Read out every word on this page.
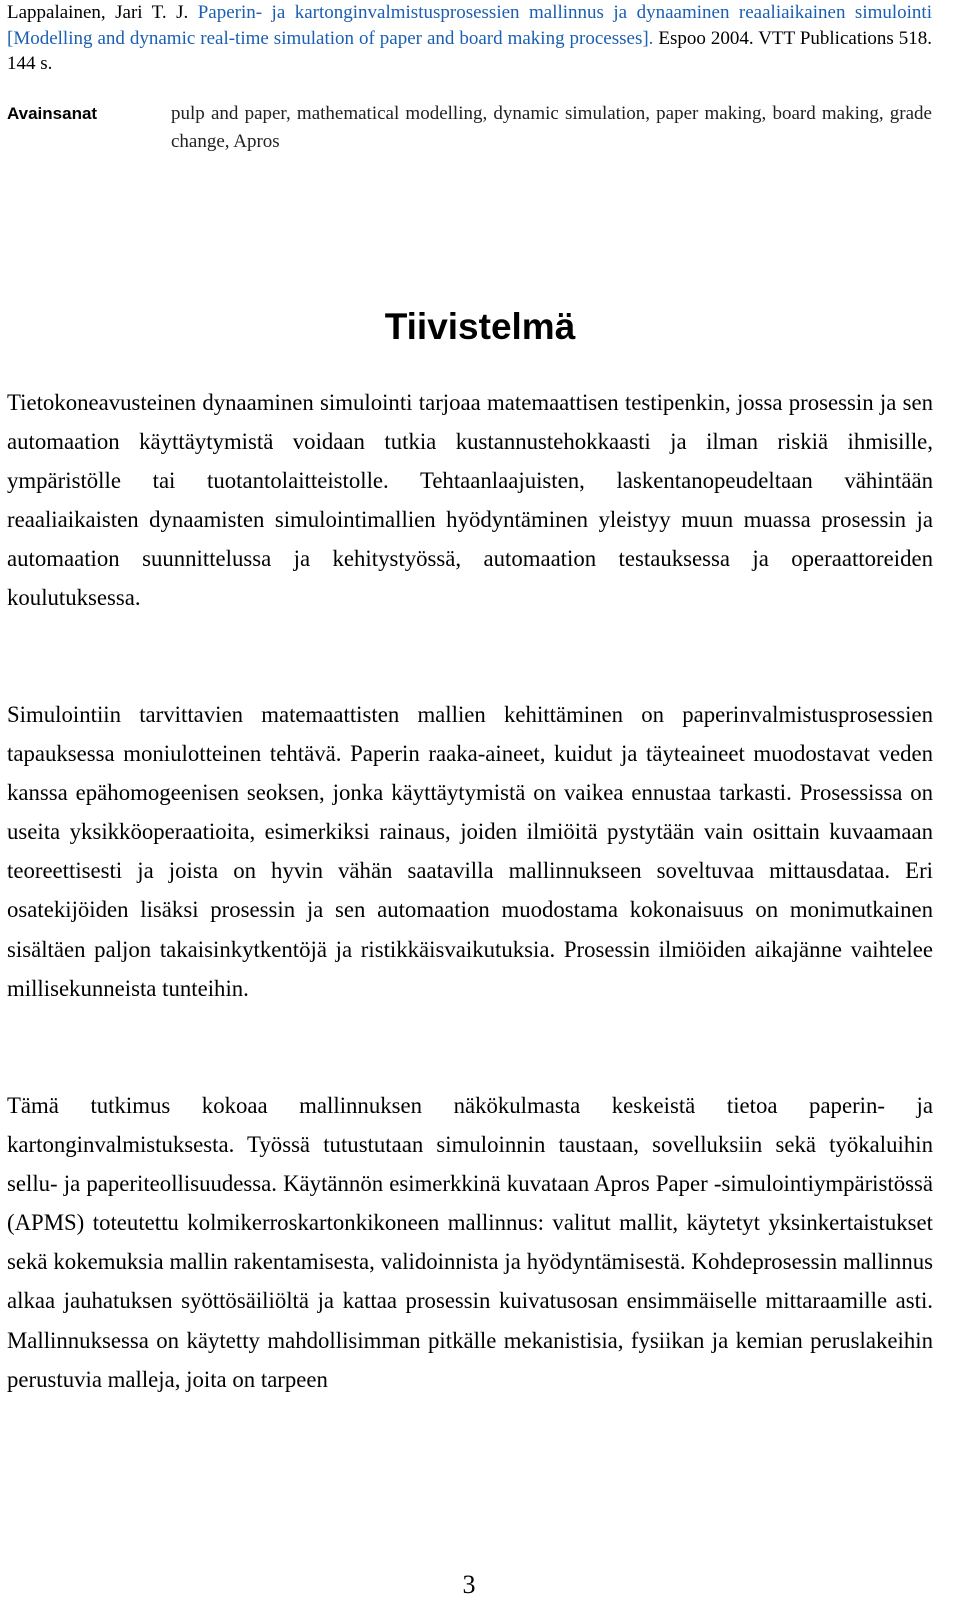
Lappalainen, Jari T. J. Paperin- ja kartonginvalmistusprosessien mallinnus ja dynaaminen reaaliaikainen simulointi [Modelling and dynamic real-time simulation of paper and board making processes]. Espoo 2004. VTT Publications 518. 144 s.

Avainsanat	pulp and paper, mathematical modelling, dynamic simulation, paper making, board making, grade change, Apros

Tiivistelmä

Tietokoneavusteinen dynaaminen simulointi tarjoaa matemaattisen testipenkin, jossa prosessin ja sen automaation käyttäytymistä voidaan tutkia kustannustehokkaasti ja ilman riskiä ihmisille, ympäristölle tai tuotantolaitteistolle. Tehtaanlaajuisten, laskentanopeudeltaan vähintään reaaliaikaisten dynaamisten simulointimallien hyödyntäminen yleistyy muun muassa prosessin ja automaation suunnittelussa ja kehitystyössä, automaation testauksessa ja operaattoreiden koulutuksessa.

Simulointiin tarvittavien matemaattisten mallien kehittäminen on paperinvalmistusprosessien tapauksessa moniulotteinen tehtävä. Paperin raaka-aineet, kuidut ja täyteaineet muodostavat veden kanssa epähomogeenisen seoksen, jonka käyttäytymistä on vaikea ennustaa tarkasti. Prosessissa on useita yksikköoperaatioita, esimerkiksi rainaus, joiden ilmiöitä pystytään vain osittain kuvaamaan teoreettisesti ja joista on hyvin vähän saatavilla mallinnukseen soveltuvaa mittausdataa. Eri osatekijöiden lisäksi prosessin ja sen automaation muodostama kokonaisuus on monimutkainen sisältäen paljon takaisinkytkentöjä ja ristikkäisvaikutuksia. Prosessin ilmiöiden aikajänne vaihtelee millisekunneista tunteihin.

Tämä tutkimus kokoaa mallinnuksen näkökulmasta keskeistä tietoa paperin- ja kartonginvalmistuksesta. Työssä tutustutaan simuloinnin taustaan, sovelluksiin sekä työkaluihin sellu- ja paperiteollisuudessa. Käytännön esimerkkinä kuvataan Apros Paper -simulointiympäristössä (APMS) toteutettu kolmikerroskartonkikoneen mallinnus: valitut mallit, käytetyt yksinkertaistukset sekä kokemuksia mallin rakentamisesta, validoinnista ja hyödyntämisestä. Kohdeprosessin mallinnus alkaa jauhatuksen syöttösäiliöltä ja kattaa prosessin kuivatusosan ensimmäiselle mittaraamille asti. Mallinnuksessa on käytetty mahdollisimman pitkälle mekanistisia, fysiikan ja kemian peruslakeihin perustuvia malleja, joita on tarpeen

3
